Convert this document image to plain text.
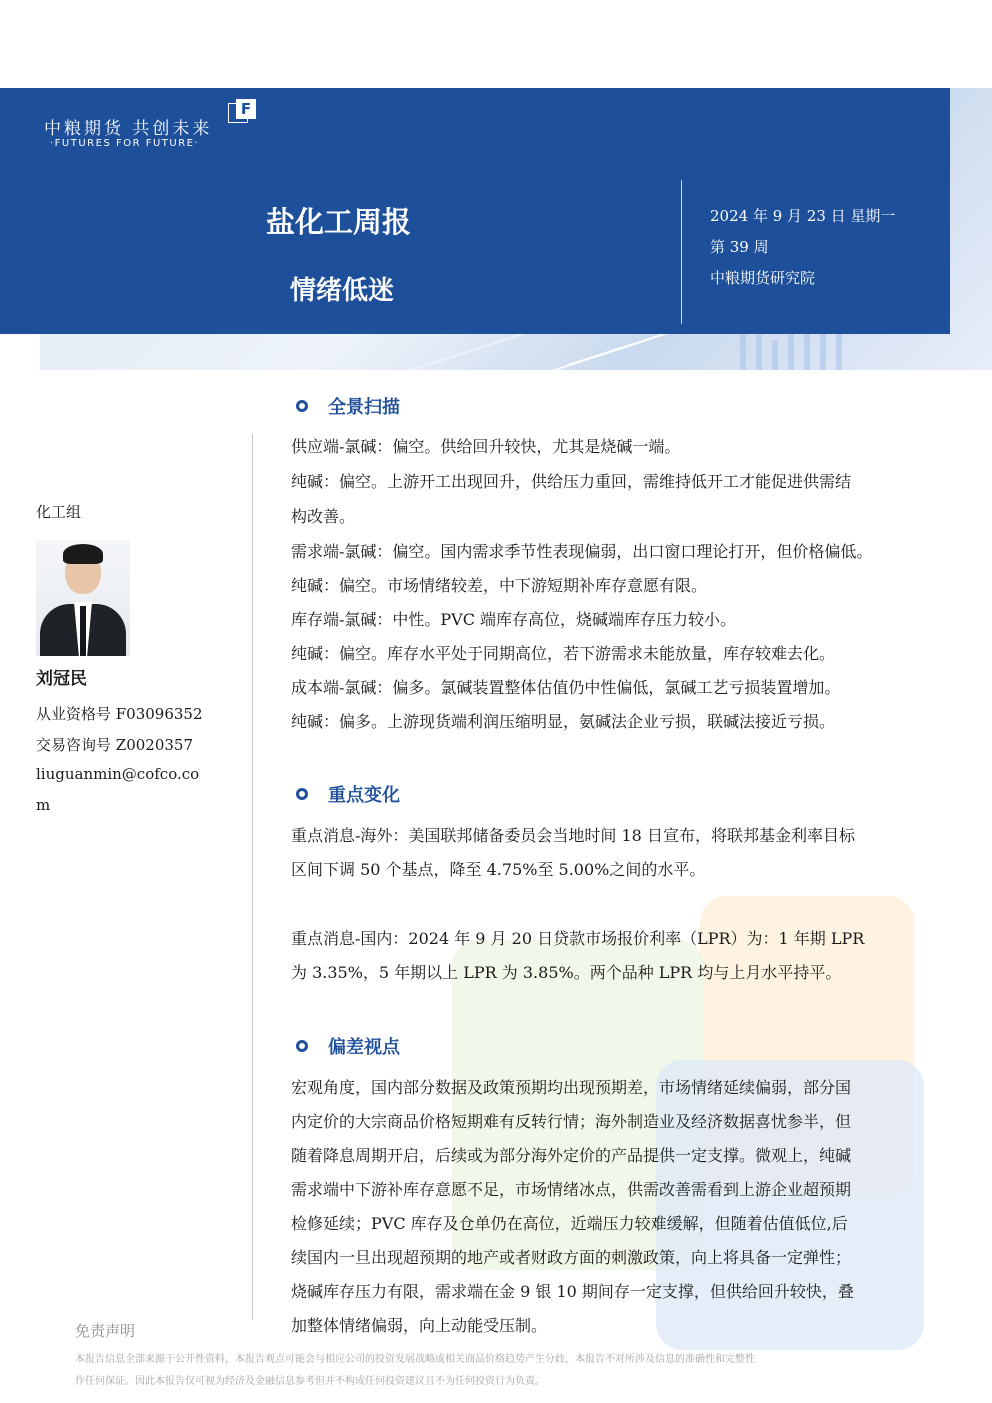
中粮期货 共创未来
·FUTURES FOR FUTURE·
F
盐化工周报
情绪低迷
2024 年 9 月 23 日 星期一
第 39 周
中粮期货研究院
化工组
刘冠民
从业资格号 F03096352
交易咨询号 Z0020357
liuguanmin@cofco.co
m
全景扫描
供应端-氯碱：偏空。供给回升较快，尤其是烧碱一端。
纯碱：偏空。上游开工出现回升，供给压力重回，需维持低开工才能促进供需结
构改善。
需求端-氯碱：偏空。国内需求季节性表现偏弱，出口窗口理论打开，但价格偏低。
纯碱：偏空。市场情绪较差，中下游短期补库存意愿有限。
库存端-氯碱：中性。PVC 端库存高位，烧碱端库存压力较小。
纯碱：偏空。库存水平处于同期高位，若下游需求未能放量，库存较难去化。
成本端-氯碱：偏多。氯碱装置整体估值仍中性偏低，氯碱工艺亏损装置增加。
纯碱：偏多。上游现货端利润压缩明显，氨碱法企业亏损，联碱法接近亏损。
重点变化
重点消息-海外：美国联邦储备委员会当地时间 18 日宣布，将联邦基金利率目标
区间下调 50 个基点，降至 4.75%至 5.00%之间的水平。
重点消息-国内：2024 年 9 月 20 日贷款市场报价利率（LPR）为：1 年期 LPR
为 3.35%，5 年期以上 LPR 为 3.85%。两个品种 LPR 均与上月水平持平。
偏差视点
宏观角度，国内部分数据及政策预期均出现预期差，市场情绪延续偏弱，部分国
内定价的大宗商品价格短期难有反转行情；海外制造业及经济数据喜忧参半，但
随着降息周期开启，后续或为部分海外定价的产品提供一定支撑。微观上，纯碱
需求端中下游补库存意愿不足，市场情绪冰点，供需改善需看到上游企业超预期
检修延续；PVC 库存及仓单仍在高位，近端压力较难缓解，但随着估值低位,后
续国内一旦出现超预期的地产或者财政方面的刺激政策，向上将具备一定弹性；
烧碱库存压力有限，需求端在金 9 银 10 期间存一定支撑，但供给回升较快，叠
加整体情绪偏弱，向上动能受压制。
免责声明
本报告信息全部来源于公开性资料，本报告观点可能会与相应公司的投资发展战略或相关商品价格趋势产生分歧，本报告不对所涉及信息的准确性和完整性
作任何保证。因此本报告仅可视为经济及金融信息参考但并不构成任何投资建议且不为任何投资行为负责。
